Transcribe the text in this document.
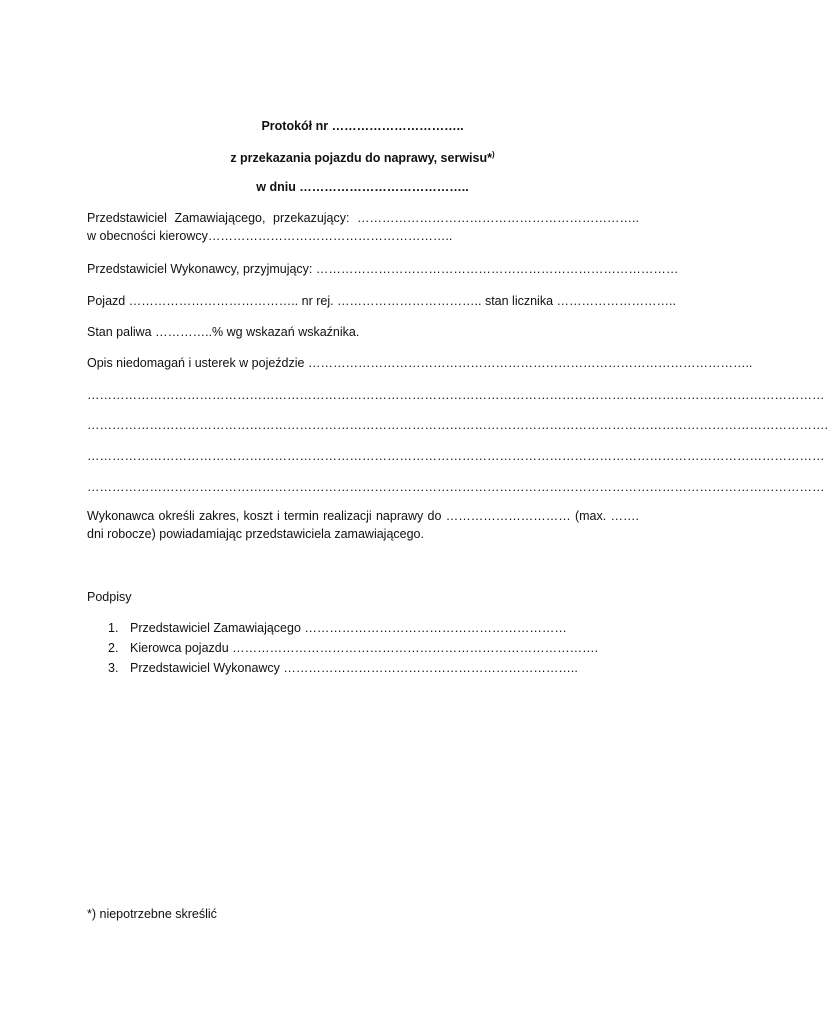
Protokół nr …………………………..
z przekazania pojazdu do naprawy, serwisu*)
w dniu …………………………………..
Przedstawiciel Zamawiającego, przekazujący: ………………………………………………………….. w obecności kierowcy…………………………………………………..
Przedstawiciel Wykonawcy, przyjmujący: ……………………………………………………………………………
Pojazd ………………………………….. nr rej. …………………………….. stan licznika ………………………..
Stan paliwa …………..% wg wskazań wskaźnika.
Opis niedomagań i usterek w pojeździe ……………………………………………………………………………………………..
……………………………………………………………………………………………………………………………………………………………
…………………………………………………………………………………………………………………………………………………………….
……………………………………………………………………………………………………………………………………………………………
……………………………………………………………………………………………………………………………………………………………
Wykonawca określi zakres, koszt i termin realizacji naprawy do ………………………… (max. ……. dni robocze) powiadamiając przedstawiciela zamawiającego.
Podpisy
1. Przedstawiciel Zamawiającego ………………………………………………………
2. Kierowca pojazdu …………………………………………………………………………….
3. Przedstawiciel Wykonawcy ……………………………………………………………..
*) niepotrzebne skreślić
